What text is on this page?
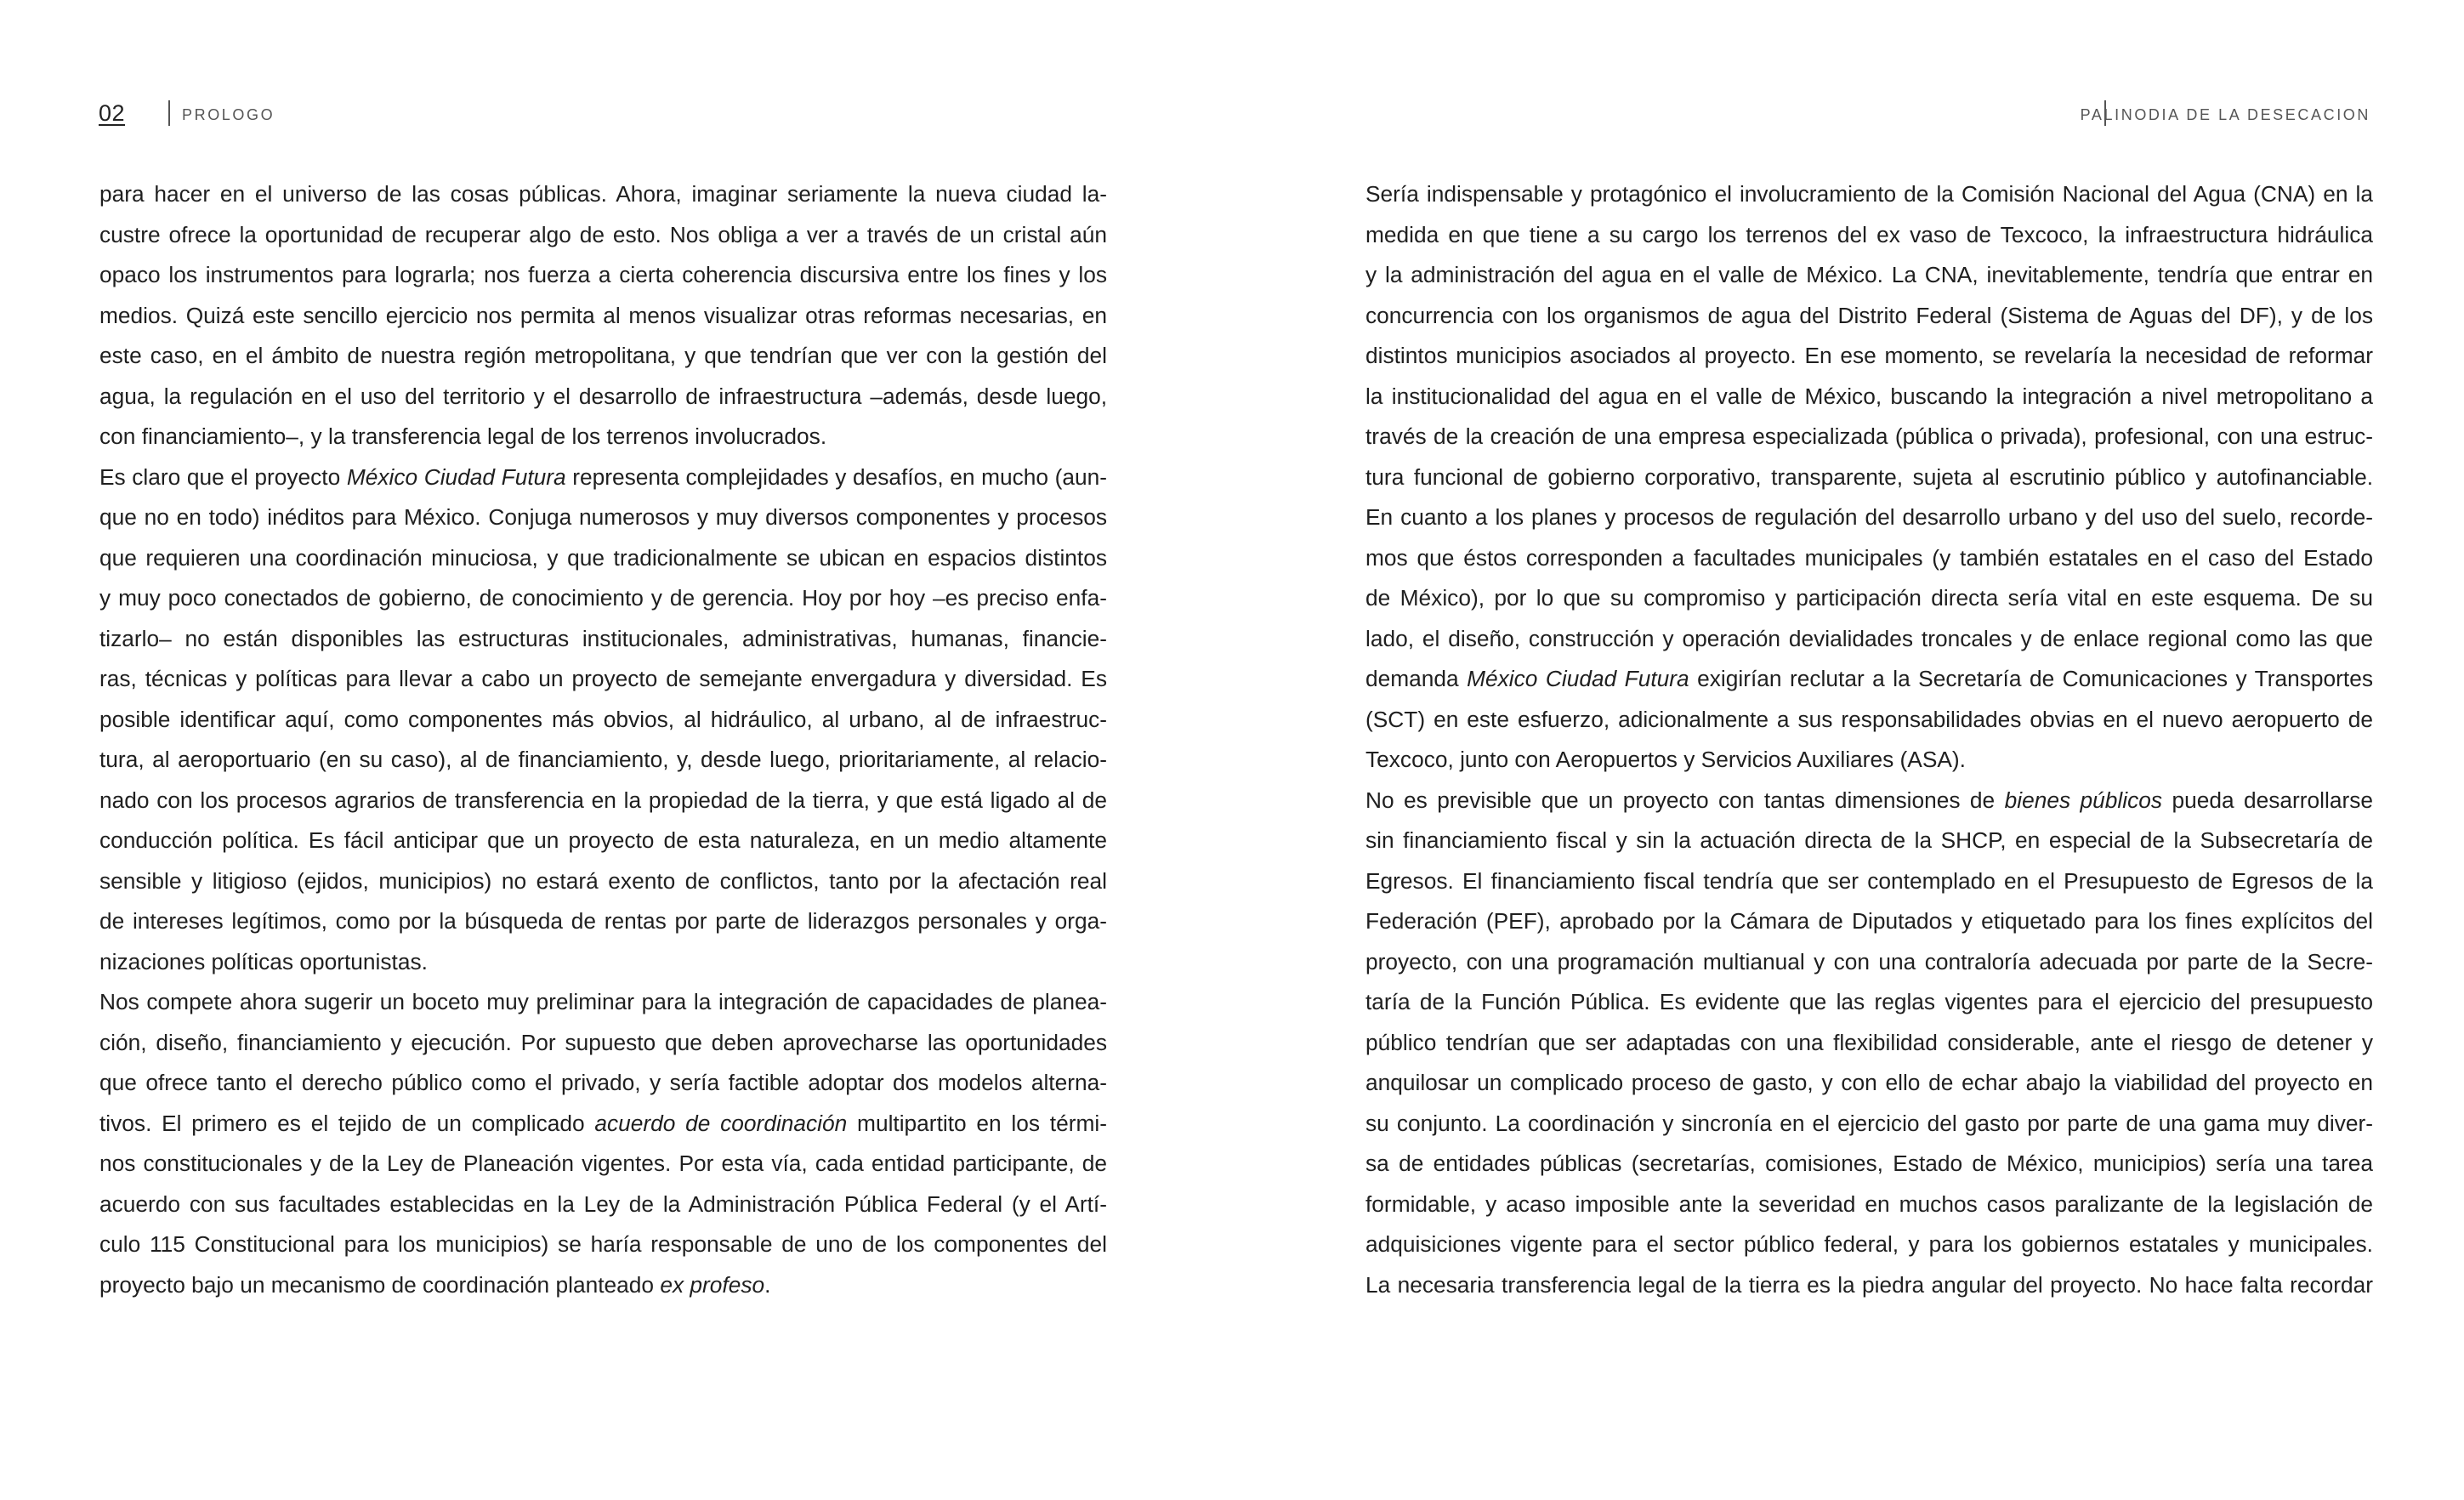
02	PROLOGO	PALINODIA DE LA DESECACION
para hacer en el universo de las cosas públicas. Ahora, imaginar seriamente la nueva ciudad la-
custre ofrece la oportunidad de recuperar algo de esto. Nos obliga a ver a través de un cristal aún
opaco los instrumentos para lograrla; nos fuerza a cierta coherencia discursiva entre los fines y los
medios. Quizá este sencillo ejercicio nos permita al menos visualizar otras reformas necesarias, en
este caso, en el ámbito de nuestra región metropolitana, y que tendrían que ver con la gestión del
agua, la regulación en el uso del territorio y el desarrollo de infraestructura –además, desde luego,
con financiamiento–, y la transferencia legal de los terrenos involucrados.
Es claro que el proyecto México Ciudad Futura representa complejidades y desafíos, en mucho (aun-
que no en todo) inéditos para México. Conjuga numerosos y muy diversos componentes y procesos
que requieren una coordinación minuciosa, y que tradicionalmente se ubican en espacios distintos
y muy poco conectados de gobierno, de conocimiento y de gerencia. Hoy por hoy –es preciso enfa-
tizarlo– no están disponibles las estructuras institucionales, administrativas, humanas, financie-
ras, técnicas y políticas para llevar a cabo un proyecto de semejante envergadura y diversidad. Es
posible identificar aquí, como componentes más obvios, al hidráulico, al urbano, al de infraestruc-
tura, al aeroportuario (en su caso), al de financiamiento, y, desde luego, prioritariamente, al relacio-
nado con los procesos agrarios de transferencia en la propiedad de la tierra, y que está ligado al de
conducción política. Es fácil anticipar que un proyecto de esta naturaleza, en un medio altamente
sensible y litigioso (ejidos, municipios) no estará exento de conflictos, tanto por la afectación real
de intereses legítimos, como por la búsqueda de rentas por parte de liderazgos personales y orga-
nizaciones políticas oportunistas.
Nos compete ahora sugerir un boceto muy preliminar para la integración de capacidades de planea-
ción, diseño, financiamiento y ejecución. Por supuesto que deben aprovecharse las oportunidades
que ofrece tanto el derecho público como el privado, y sería factible adoptar dos modelos alterna-
tivos. El primero es el tejido de un complicado acuerdo de coordinación multipartito en los térmi-
nos constitucionales y de la Ley de Planeación vigentes. Por esta vía, cada entidad participante, de
acuerdo con sus facultades establecidas en la Ley de la Administración Pública Federal (y el Artí-
culo 115 Constitucional para los municipios) se haría responsable de uno de los componentes del
proyecto bajo un mecanismo de coordinación planteado ex profeso.
Sería indispensable y protagónico el involucramiento de la Comisión Nacional del Agua (CNA) en la
medida en que tiene a su cargo los terrenos del ex vaso de Texcoco, la infraestructura hidráulica
y la administración del agua en el valle de México. La CNA, inevitablemente, tendría que entrar en
concurrencia con los organismos de agua del Distrito Federal (Sistema de Aguas del DF), y de los
distintos municipios asociados al proyecto. En ese momento, se revelaría la necesidad de reformar
la institucionalidad del agua en el valle de México, buscando la integración a nivel metropolitano a
través de la creación de una empresa especializada (pública o privada), profesional, con una estruc-
tura funcional de gobierno corporativo, transparente, sujeta al escrutinio público y autofinanciable.
En cuanto a los planes y procesos de regulación del desarrollo urbano y del uso del suelo, recorde-
mos que éstos corresponden a facultades municipales (y también estatales en el caso del Estado
de México), por lo que su compromiso y participación directa sería vital en este esquema. De su
lado, el diseño, construcción y operación devialidades troncales y de enlace regional como las que
demanda México Ciudad Futura exigirían reclutar a la Secretaría de Comunicaciones y Transportes
(SCT) en este esfuerzo, adicionalmente a sus responsabilidades obvias en el nuevo aeropuerto de
Texcoco, junto con Aeropuertos y Servicios Auxiliares (ASA).
No es previsible que un proyecto con tantas dimensiones de bienes públicos pueda desarrollarse
sin financiamiento fiscal y sin la actuación directa de la SHCP, en especial de la Subsecretaría de
Egresos. El financiamiento fiscal tendría que ser contemplado en el Presupuesto de Egresos de la
Federación (PEF), aprobado por la Cámara de Diputados y etiquetado para los fines explícitos del
proyecto, con una programación multianual y con una contraloría adecuada por parte de la Secre-
taría de la Función Pública. Es evidente que las reglas vigentes para el ejercicio del presupuesto
público tendrían que ser adaptadas con una flexibilidad considerable, ante el riesgo de detener y
anquilosar un complicado proceso de gasto, y con ello de echar abajo la viabilidad del proyecto en
su conjunto. La coordinación y sincronía en el ejercicio del gasto por parte de una gama muy diver-
sa de entidades públicas (secretarías, comisiones, Estado de México, municipios) sería una tarea
formidable, y acaso imposible ante la severidad en muchos casos paralizante de la legislación de
adquisiciones vigente para el sector público federal, y para los gobiernos estatales y municipales.
La necesaria transferencia legal de la tierra es la piedra angular del proyecto. No hace falta recordar
